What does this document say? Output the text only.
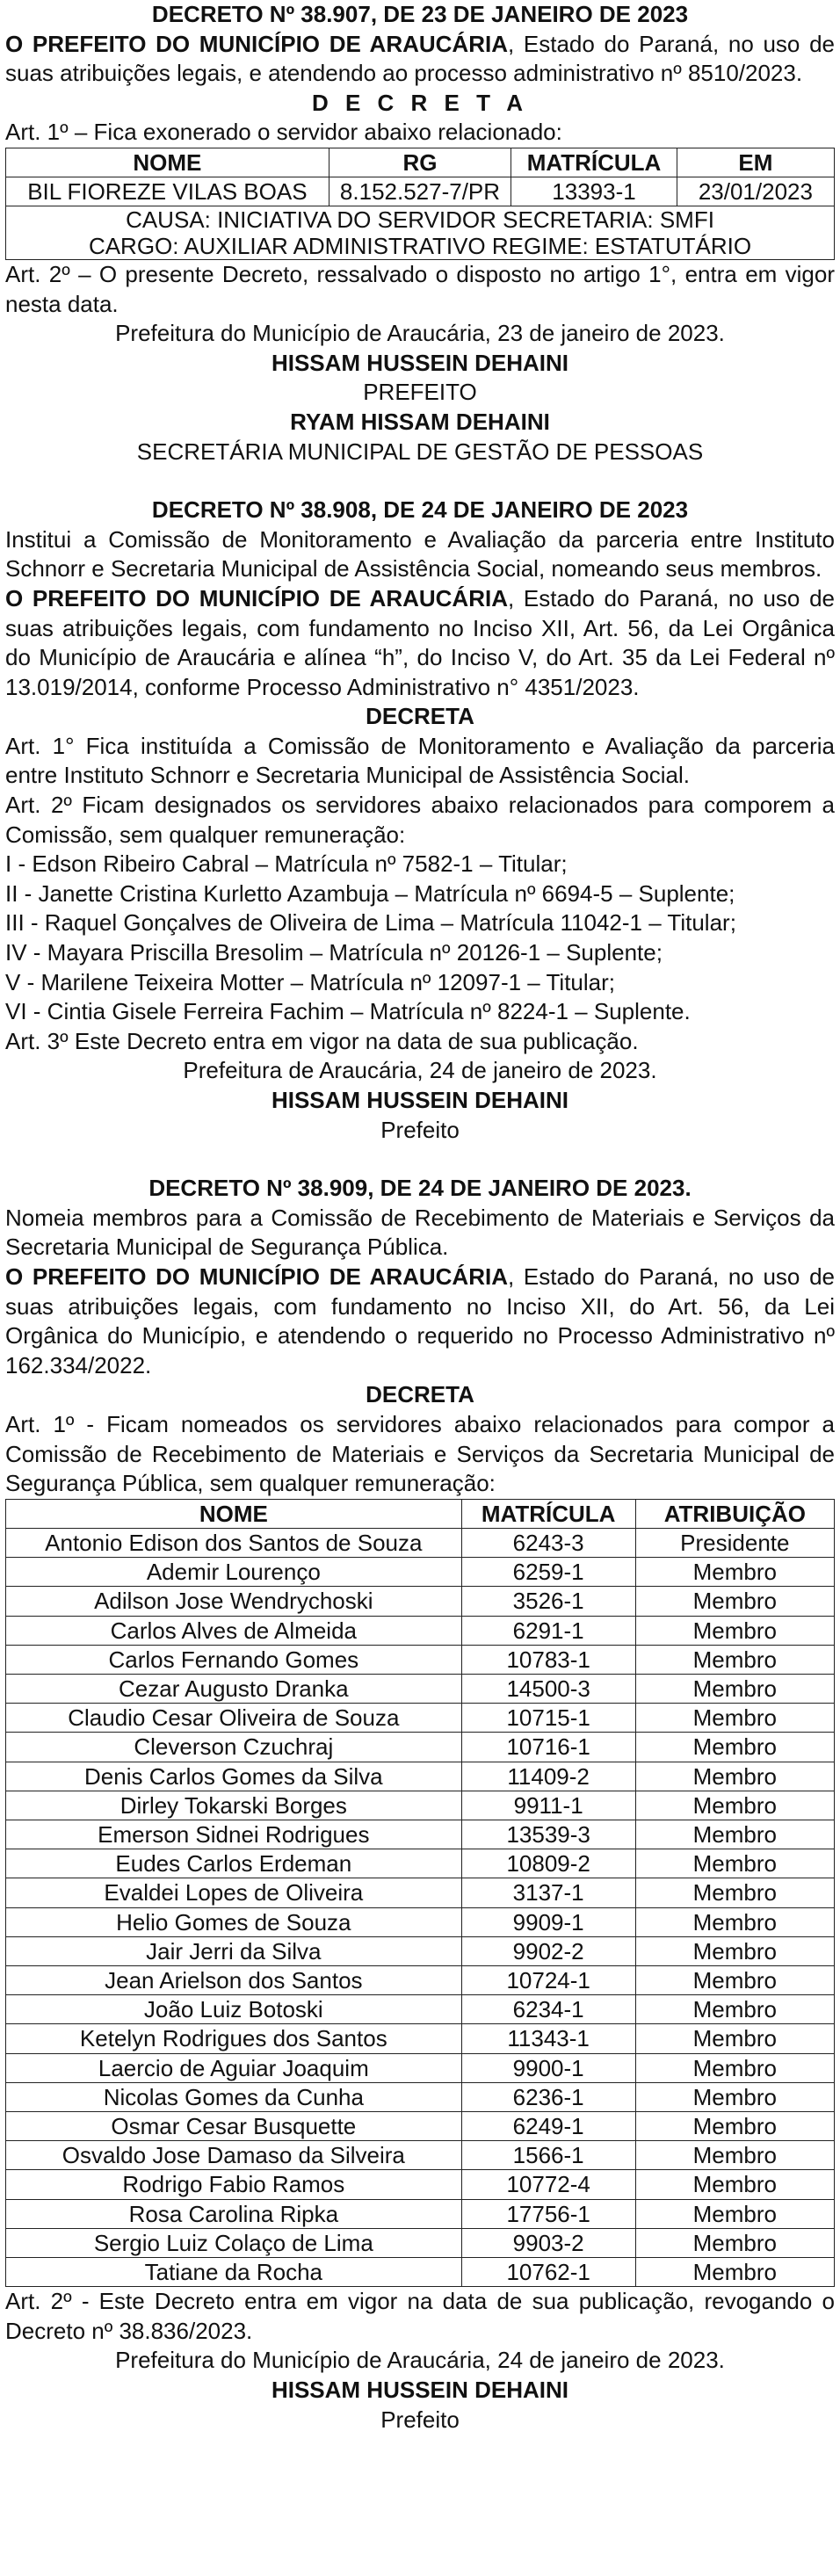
DECRETO Nº 38.907, DE 23 DE JANEIRO DE 2023

O PREFEITO DO MUNICÍPIO DE ARAUCÁRIA, Estado do Paraná, no uso de suas atribuições legais, e atendendo ao processo administrativo nº 8510/2023.

D E C R E T A

Art. 1º – Fica exonerado o servidor abaixo relacionado:

NOME	RG	MATRÍCULA	EM
BIL FIOREZE VILAS BOAS	8.152.527-7/PR	13393-1	23/01/2023

CAUSA: INICIATIVA DO SERVIDOR SECRETARIA: SMFI
CARGO: AUXILIAR ADMINISTRATIVO REGIME: ESTATUTÁRIO			

Art. 2º – O presente Decreto, ressalvado o disposto no artigo 1°, entra em vigor nesta data.

Prefeitura do Município de Araucária, 23 de janeiro de 2023.

HISSAM HUSSEIN DEHAINI

PREFEITO

RYAM HISSAM DEHAINI

SECRETÁRIA MUNICIPAL DE GESTÃO DE PESSOAS

DECRETO Nº 38.908, DE 24 DE JANEIRO DE 2023

Institui a Comissão de Monitoramento e Avaliação da parceria entre Instituto Schnorr e Secretaria Municipal de Assistência Social, nomeando seus membros.

O PREFEITO DO MUNICÍPIO DE ARAUCÁRIA, Estado do Paraná, no uso de suas atribuições legais, com fundamento no Inciso XII, Art. 56, da Lei Orgânica do Município de Araucária e alínea “h”, do Inciso V, do Art. 35 da Lei Federal nº 13.019/2014, conforme Processo Administrativo n° 4351/2023.

DECRETA

Art. 1° Fica instituída a Comissão de Monitoramento e Avaliação da parceria entre Instituto Schnorr e Secretaria Municipal de Assistência Social.

Art. 2º Ficam designados os servidores abaixo relacionados para comporem a Comissão, sem qualquer remuneração:

I - Edson Ribeiro Cabral – Matrícula nº 7582-1 – Titular;

II - Janette Cristina Kurletto Azambuja – Matrícula nº 6694-5 – Suplente;

III - Raquel Gonçalves de Oliveira de Lima – Matrícula 11042-1 – Titular;

IV - Mayara Priscilla Bresolim – Matrícula nº 20126-1 – Suplente;

V - Marilene Teixeira Motter – Matrícula nº 12097-1 – Titular;

VI - Cintia Gisele Ferreira Fachim – Matrícula nº 8224-1 – Suplente.

Art. 3º Este Decreto entra em vigor na data de sua publicação.

Prefeitura de Araucária, 24 de janeiro de 2023.

HISSAM HUSSEIN DEHAINI

Prefeito

DECRETO Nº 38.909, DE 24 DE JANEIRO DE 2023.

Nomeia membros para a Comissão de Recebimento de Materiais e Serviços da Secretaria Municipal de Segurança Pública.

O PREFEITO DO MUNICÍPIO DE ARAUCÁRIA, Estado do Paraná, no uso de suas atribuições legais, com fundamento no Inciso XII, do Art. 56, da Lei Orgânica do Município, e atendendo o requerido no Processo Administrativo nº 162.334/2022.

DECRETA

Art. 1º - Ficam nomeados os servidores abaixo relacionados para compor a Comissão de Recebimento de Materiais e Serviços da Secretaria Municipal de Segurança Pública, sem qualquer remuneração:

NOME	MATRÍCULA	ATRIBUIÇÃO
Antonio Edison dos Santos de Souza	6243-3	Presidente
Ademir Lourenço	6259-1	Membro
Adilson Jose Wendrychoski	3526-1	Membro
Carlos Alves de Almeida	6291-1	Membro
Carlos Fernando Gomes	10783-1	Membro
Cezar Augusto Dranka	14500-3	Membro
Claudio Cesar Oliveira de Souza	10715-1	Membro
Cleverson Czuchraj	10716-1	Membro
Denis Carlos Gomes da Silva	11409-2	Membro
Dirley Tokarski Borges	9911-1	Membro
Emerson Sidnei Rodrigues	13539-3	Membro
Eudes Carlos Erdeman	10809-2	Membro
Evaldei Lopes de Oliveira	3137-1	Membro
Helio Gomes de Souza	9909-1	Membro
Jair Jerri da Silva	9902-2	Membro
Jean Arielson dos Santos	10724-1	Membro
João Luiz Botoski	6234-1	Membro
Ketelyn Rodrigues dos Santos	11343-1	Membro
Laercio de Aguiar Joaquim	9900-1	Membro
Nicolas Gomes da Cunha	6236-1	Membro
Osmar Cesar Busquette	6249-1	Membro
Osvaldo Jose Damaso da Silveira	1566-1	Membro
Rodrigo Fabio Ramos	10772-4	Membro
Rosa Carolina Ripka	17756-1	Membro
Sergio Luiz Colaço de Lima	9903-2	Membro
Tatiane da Rocha	10762-1	Membro

Art. 2º - Este Decreto entra em vigor na data de sua publicação, revogando o Decreto nº 38.836/2023.

Prefeitura do Município de Araucária, 24 de janeiro de 2023.

HISSAM HUSSEIN DEHAINI

Prefeito
